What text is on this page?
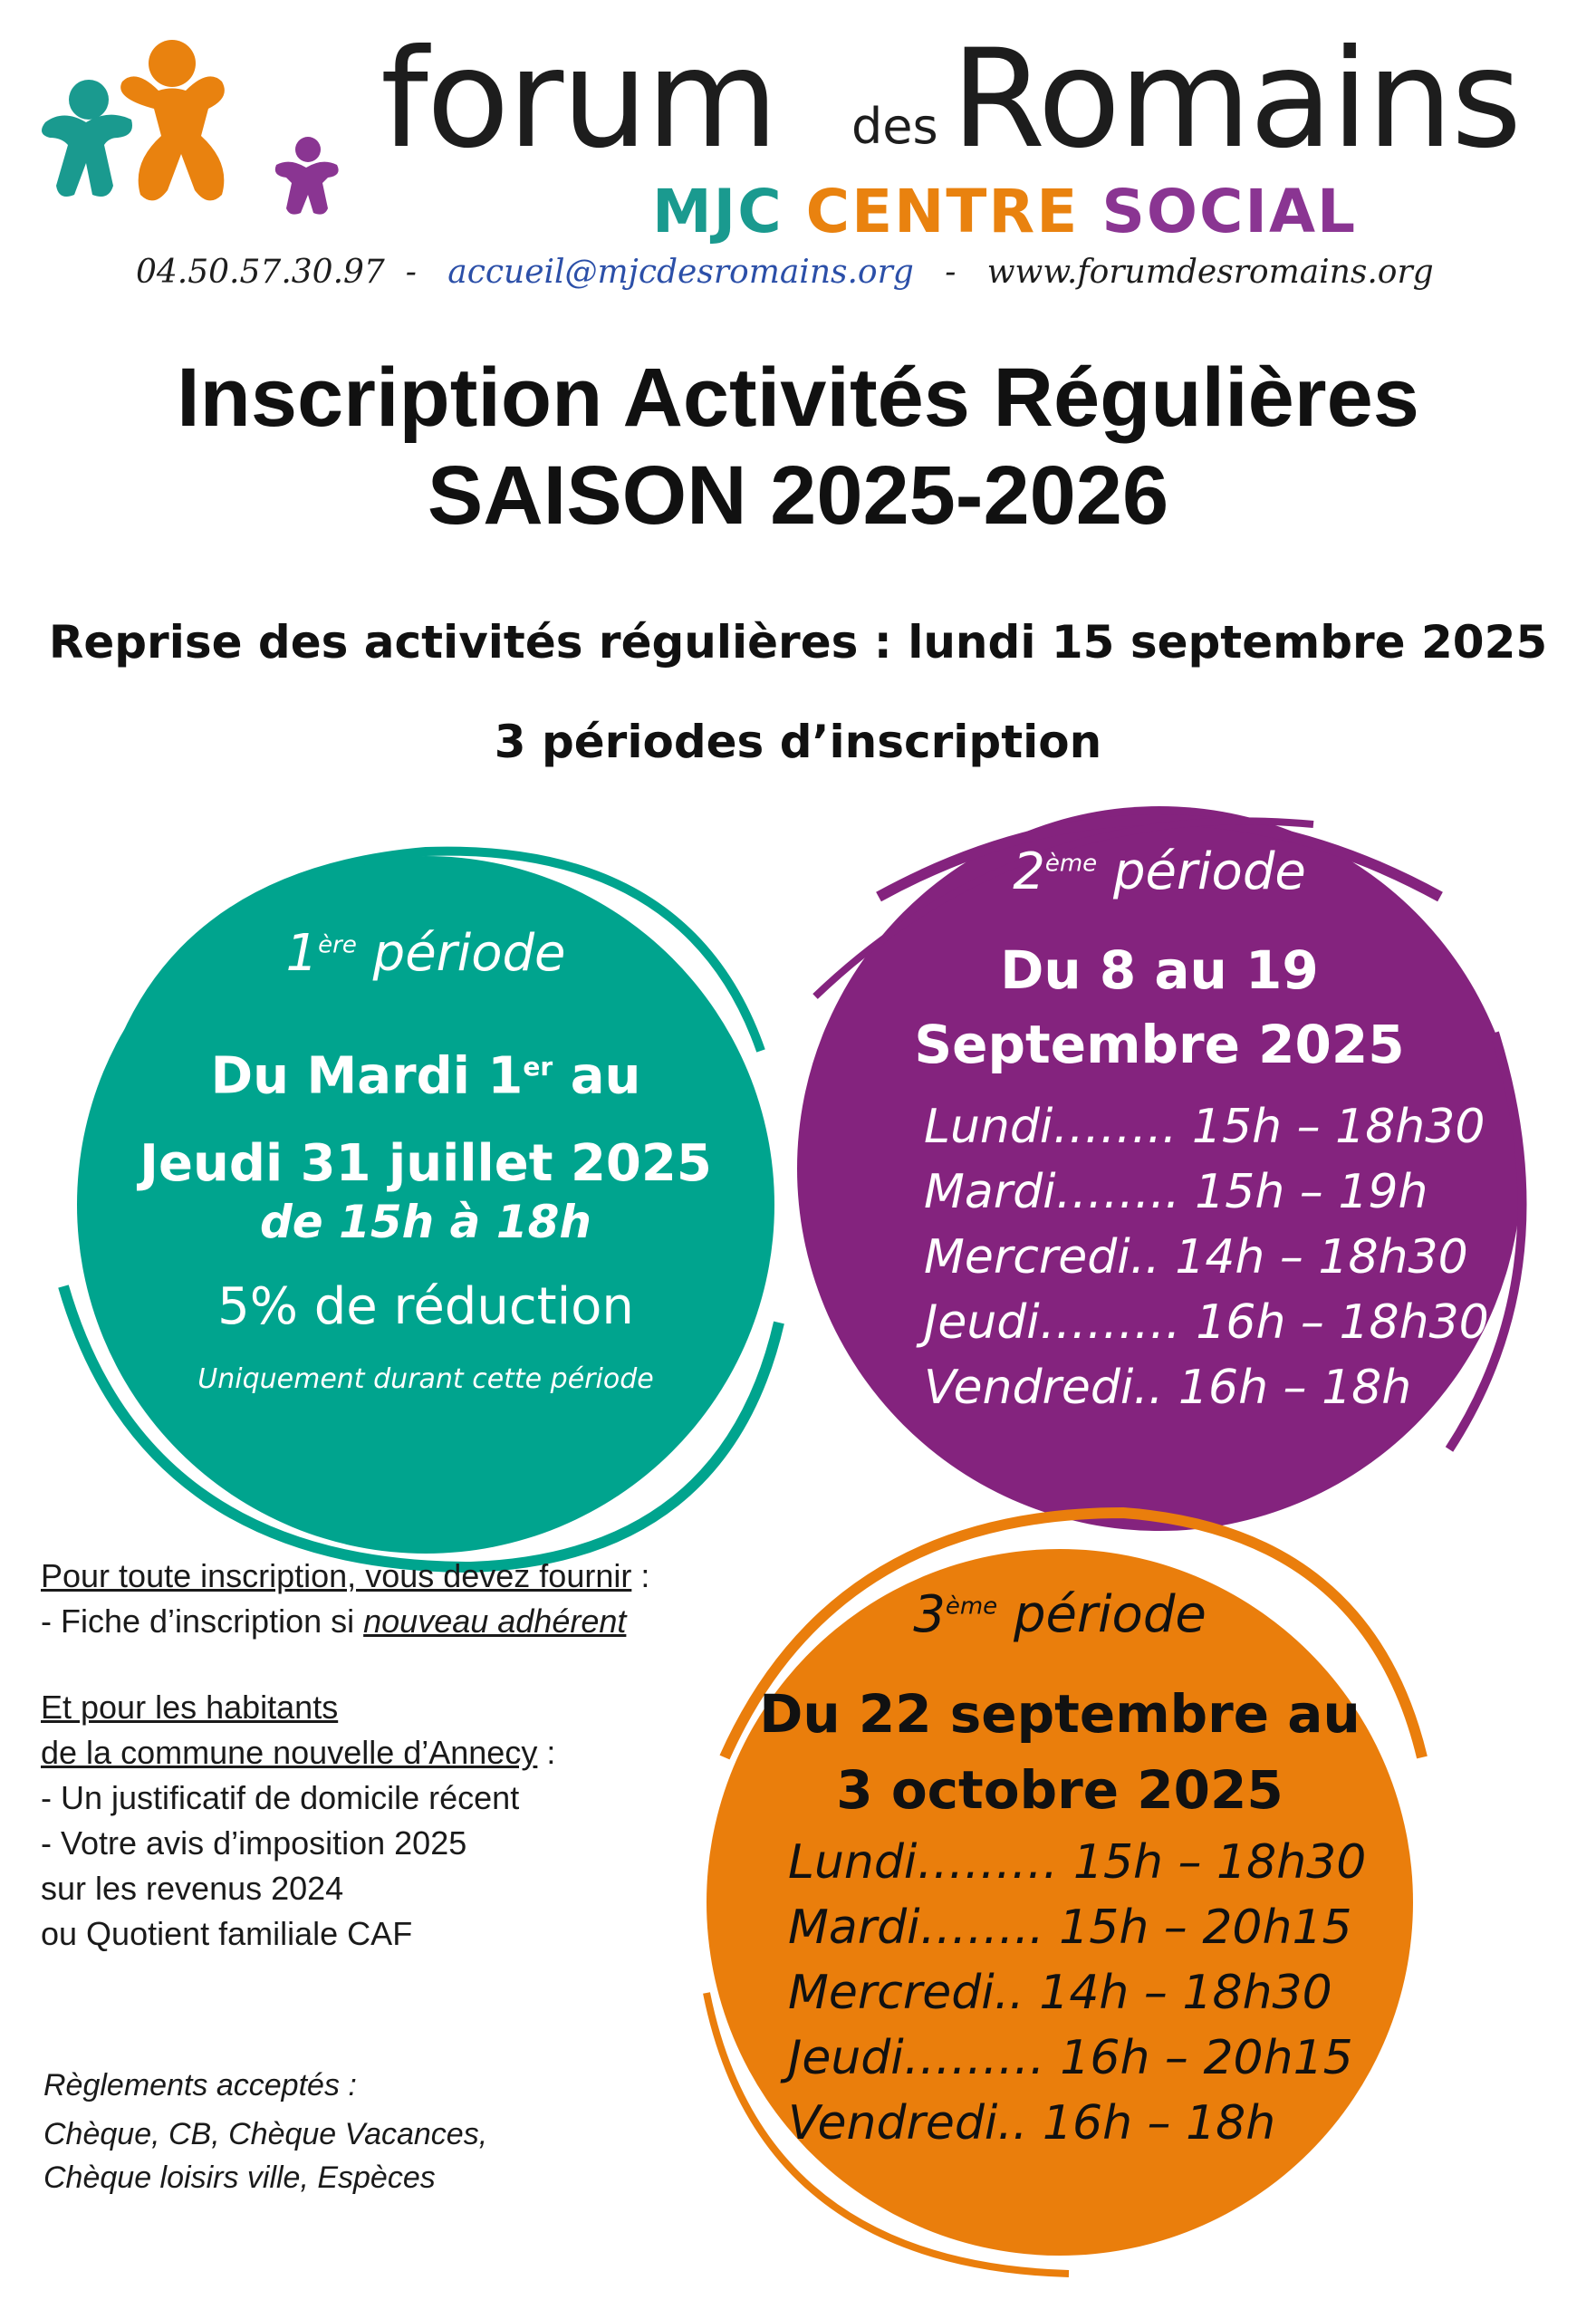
forum des Romains
MJC CENTRE SOCIAL
04.50.57.30.97 - accueil@mjcdesromains.org - www.forumdesromains.org
Inscription Activités Régulières
SAISON 2025-2026
Reprise des activités régulières : lundi 15 septembre 2025
3 périodes d’inscription
2ème période
Du 8 au 19
Septembre 2025
Lundi…….. 15h – 18h30
Mardi…….. 15h – 19h
Mercredi.. 14h – 18h30
Jeudi……… 16h – 18h30
Vendredi.. 16h – 18h
1ère période
Du Mardi 1er au
Jeudi 31 juillet 2025
de 15h à 18h
5% de réduction
Uniquement durant cette période
3ème période
Du 22 septembre au
3 octobre 2025
Lundi……… 15h – 18h30
Mardi…….. 15h – 20h15
Mercredi.. 14h – 18h30
Jeudi……… 16h – 20h15
Vendredi.. 16h – 18h
Pour toute inscription, vous devez fournir :
- Fiche d’inscription si nouveau adhérent
Et pour les habitants
de la commune nouvelle d’Annecy :
- Un justificatif de domicile récent
- Votre avis d’imposition 2025
sur les revenus 2024
ou Quotient familiale CAF
Règlements acceptés :
Chèque, CB, Chèque Vacances,
Chèque loisirs ville, Espèces
